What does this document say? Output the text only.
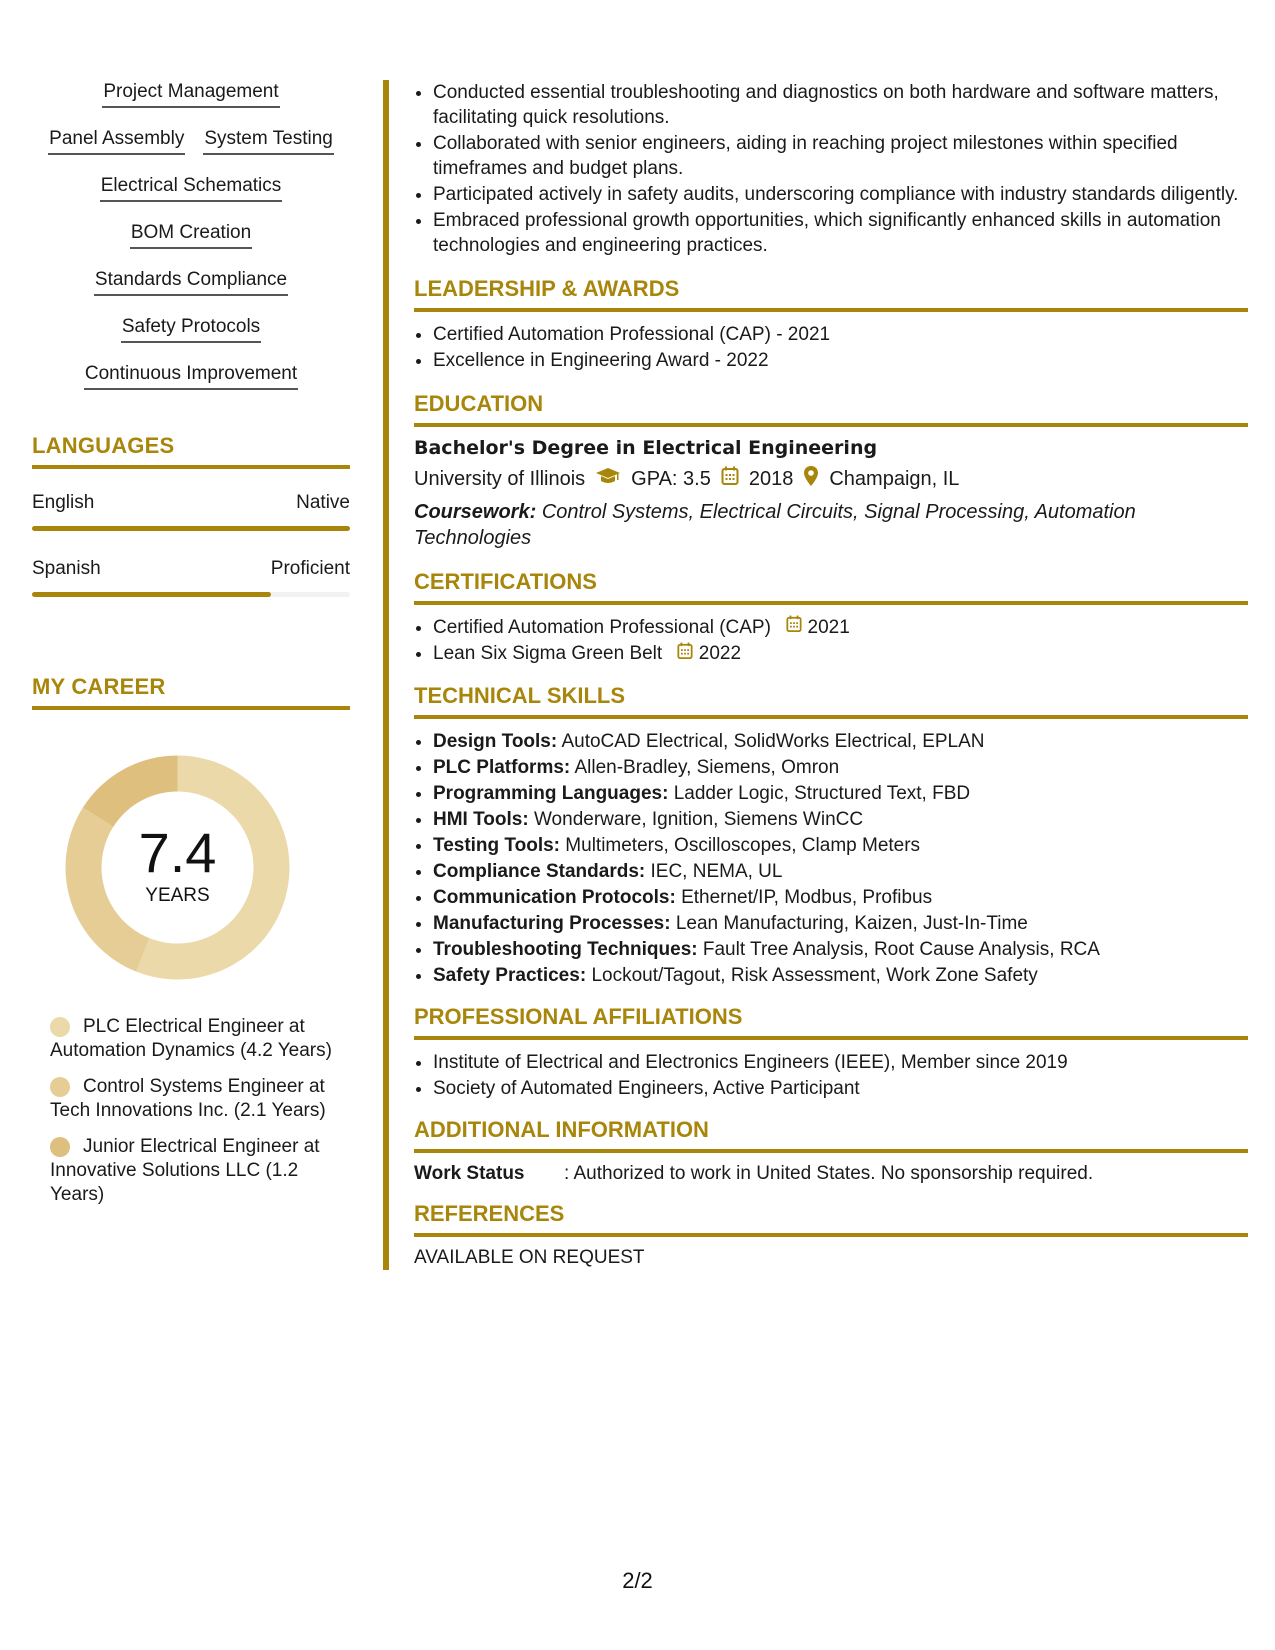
Project Management
Panel Assembly System Testing
Electrical Schematics
BOM Creation
Standards Compliance
Safety Protocols
Continuous Improvement
LANGUAGES
English	Native
Spanish	Proficient
MY CAREER
7.4
YEARS
PLC Electrical Engineer at Automation Dynamics (4.2 Years)
Control Systems Engineer at Tech Innovations Inc. (2.1 Years)
Junior Electrical Engineer at Innovative Solutions LLC (1.2 Years)
• Conducted essential troubleshooting and diagnostics on both hardware and software matters, facilitating quick resolutions.
• Collaborated with senior engineers, aiding in reaching project milestones within specified timeframes and budget plans.
• Participated actively in safety audits, underscoring compliance with industry standards diligently.
• Embraced professional growth opportunities, which significantly enhanced skills in automation technologies and engineering practices.
LEADERSHIP & AWARDS
• Certified Automation Professional (CAP) - 2021
• Excellence in Engineering Award - 2022
EDUCATION
Bachelor's Degree in Electrical Engineering
University of Illinois GPA: 3.5 2018 Champaign, IL
Coursework: Control Systems, Electrical Circuits, Signal Processing, Automation Technologies
CERTIFICATIONS
• Certified Automation Professional (CAP) 2021
• Lean Six Sigma Green Belt 2022
TECHNICAL SKILLS
• Design Tools: AutoCAD Electrical, SolidWorks Electrical, EPLAN
• PLC Platforms: Allen-Bradley, Siemens, Omron
• Programming Languages: Ladder Logic, Structured Text, FBD
• HMI Tools: Wonderware, Ignition, Siemens WinCC
• Testing Tools: Multimeters, Oscilloscopes, Clamp Meters
• Compliance Standards: IEC, NEMA, UL
• Communication Protocols: Ethernet/IP, Modbus, Profibus
• Manufacturing Processes: Lean Manufacturing, Kaizen, Just-In-Time
• Troubleshooting Techniques: Fault Tree Analysis, Root Cause Analysis, RCA
• Safety Practices: Lockout/Tagout, Risk Assessment, Work Zone Safety
PROFESSIONAL AFFILIATIONS
• Institute of Electrical and Electronics Engineers (IEEE), Member since 2019
• Society of Automated Engineers, Active Participant
ADDITIONAL INFORMATION
Work Status	: Authorized to work in United States. No sponsorship required.
REFERENCES
AVAILABLE ON REQUEST
2/2
